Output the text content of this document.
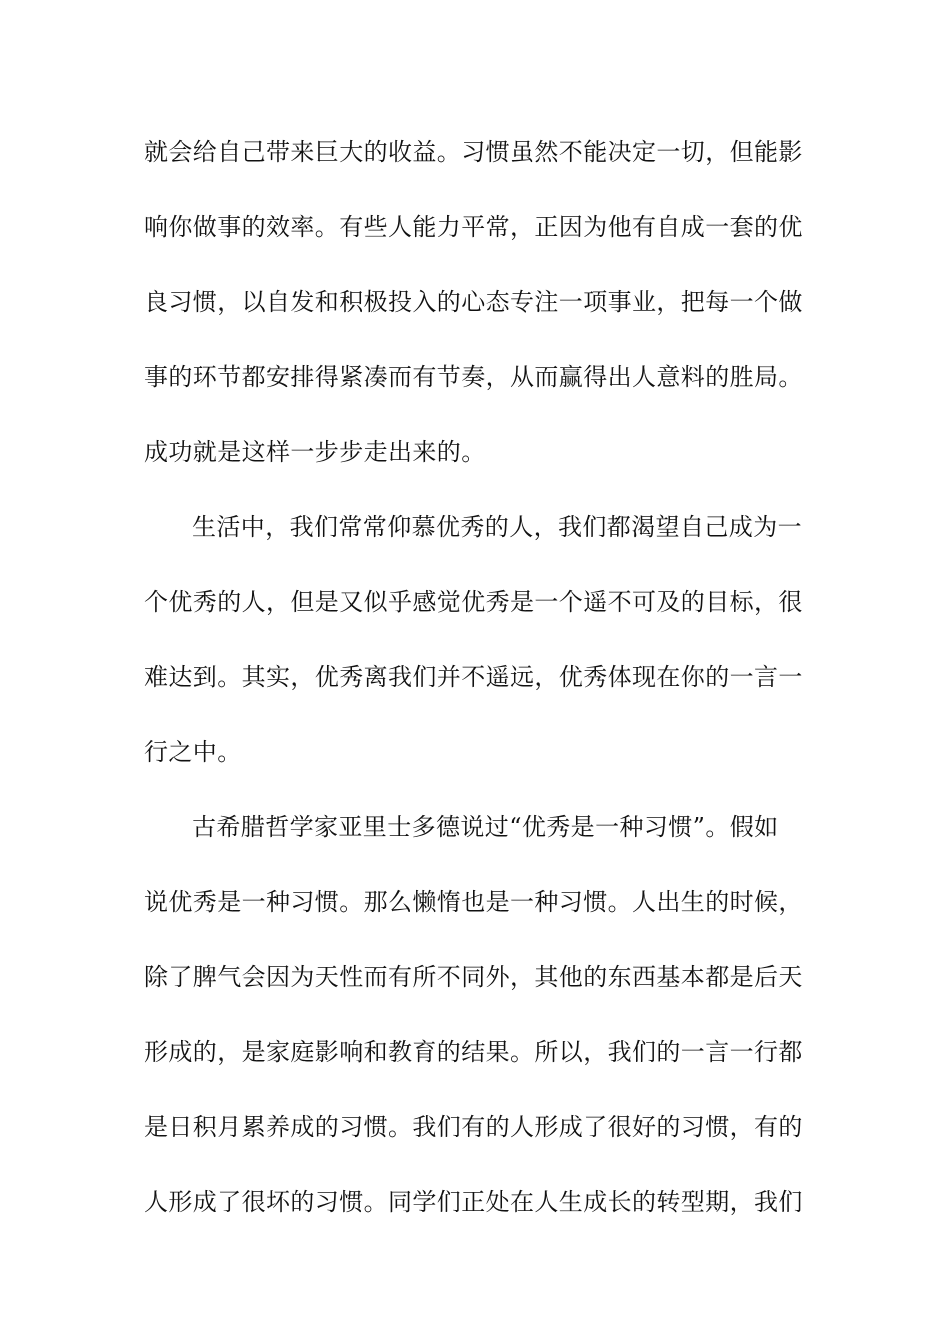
就会给自己带来巨大的收益。习惯虽然不能决定一切，但能影
响你做事的效率。有些人能力平常，正因为他有自成一套的优
良习惯，以自发和积极投入的心态专注一项事业，把每一个做
事的环节都安排得紧凑而有节奏，从而赢得出人意料的胜局。
成功就是这样一步步走出来的。
生活中，我们常常仰慕优秀的人，我们都渴望自己成为一
个优秀的人，但是又似乎感觉优秀是一个遥不可及的目标，很
难达到。其实，优秀离我们并不遥远，优秀体现在你的一言一
行之中。
古希腊哲学家亚里士多德说过“优秀是一种习惯”。假如
说优秀是一种习惯。那么懒惰也是一种习惯。人出生的时候，
除了脾气会因为天性而有所不同外，其他的东西基本都是后天
形成的，是家庭影响和教育的结果。所以，我们的一言一行都
是日积月累养成的习惯。我们有的人形成了很好的习惯，有的
人形成了很坏的习惯。同学们正处在人生成长的转型期，我们
